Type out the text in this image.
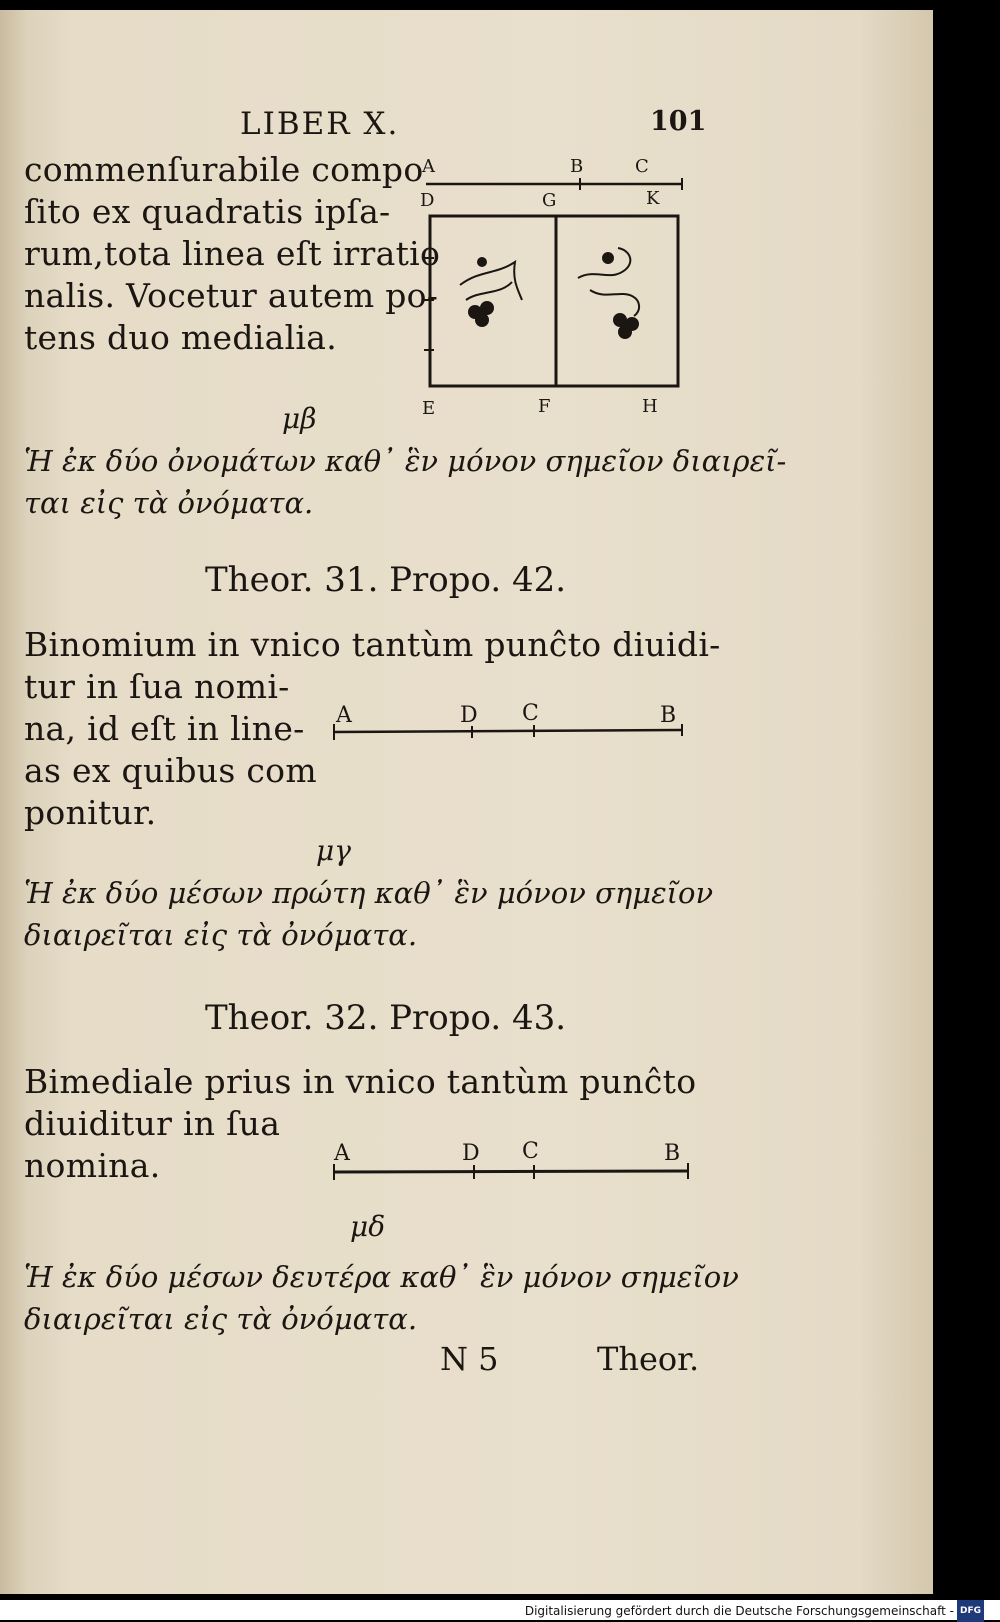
LIBER X.	101
commenſurabile compo
ſito ex quadratis ipſa-
rum,tota linea eſt irratio
nalis. Vocetur autem po-
tens duo medialia.
A	B	C
D	G	K
E	F	H
μβ
Ἡ ἐκ δύο ὀνομάτων καθ᾽ ἓν μόνον σημεῖον διαιρεῖ-
ται εἰς τὰ ὀνόματα.
Theor. 31. Propo. 42.
Binomium in vnico tantùm punĉto diuidi-
tur in ſua nomi-
na, id eſt in line-
as ex quibus com
ponitur.
A	D C	B
μγ
Ἡ ἐκ δύο μέσων πρώτη καθ᾽ ἓν μόνον σημεῖον
διαιρεῖται εἰς τὰ ὀνόματα.
Theor. 32. Propo. 43.
Bimediale prius in vnico tantùm punĉto
diuiditur in ſua
nomina.	A	D C	B
μδ
Ἡ ἐκ δύο μέσων δευτέρα καθ᾽ ἓν μόνον σημεῖον
διαιρεῖται εἰς τὰ ὀνόματα.
N 5	Theor.
Digitalisierung gefördert durch die Deutsche Forschungsgemeinschaft - DFG
